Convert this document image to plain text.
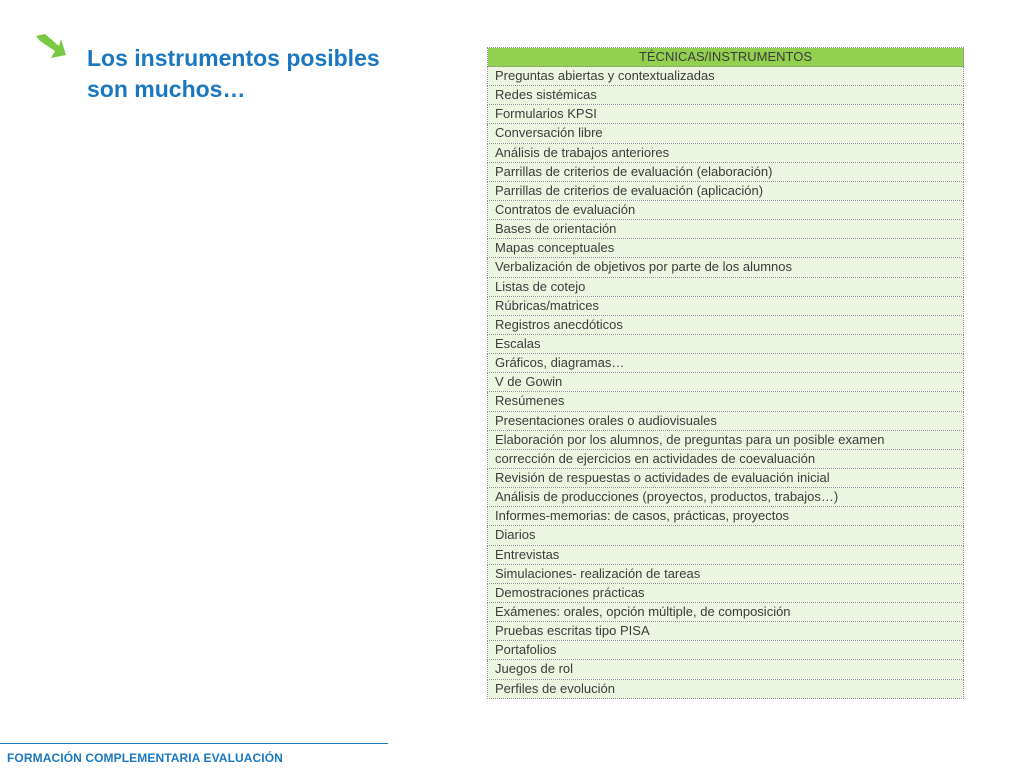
Los instrumentos posibles son muchos…
TÉCNICAS/INSTRUMENTOS
Preguntas abiertas y contextualizadas
Redes sistémicas
Formularios KPSI
Conversación libre
Análisis de trabajos anteriores
Parrillas de criterios de evaluación (elaboración)
Parrillas de criterios de evaluación (aplicación)
Contratos de evaluación
Bases de orientación
Mapas conceptuales
Verbalización de objetivos por parte de los alumnos
Listas de cotejo
Rúbricas/matrices
Registros anecdóticos
Escalas
Gráficos, diagramas…
V de Gowin
Resúmenes
Presentaciones orales o audiovisuales
Elaboración por los alumnos, de preguntas para un posible examen
corrección de ejercicios en actividades de coevaluación
Revisión de respuestas o actividades de evaluación inicial
Análisis de producciones (proyectos, productos, trabajos…)
Informes-memorias: de casos, prácticas, proyectos
Diarios
Entrevistas
Simulaciones- realización de tareas
Demostraciones prácticas
Exámenes: orales, opción múltiple, de composición
Pruebas escritas tipo PISA
Portafolios
Juegos de rol
Perfiles de evolución
FORMACIÓN COMPLEMENTARIA EVALUACIÓN
